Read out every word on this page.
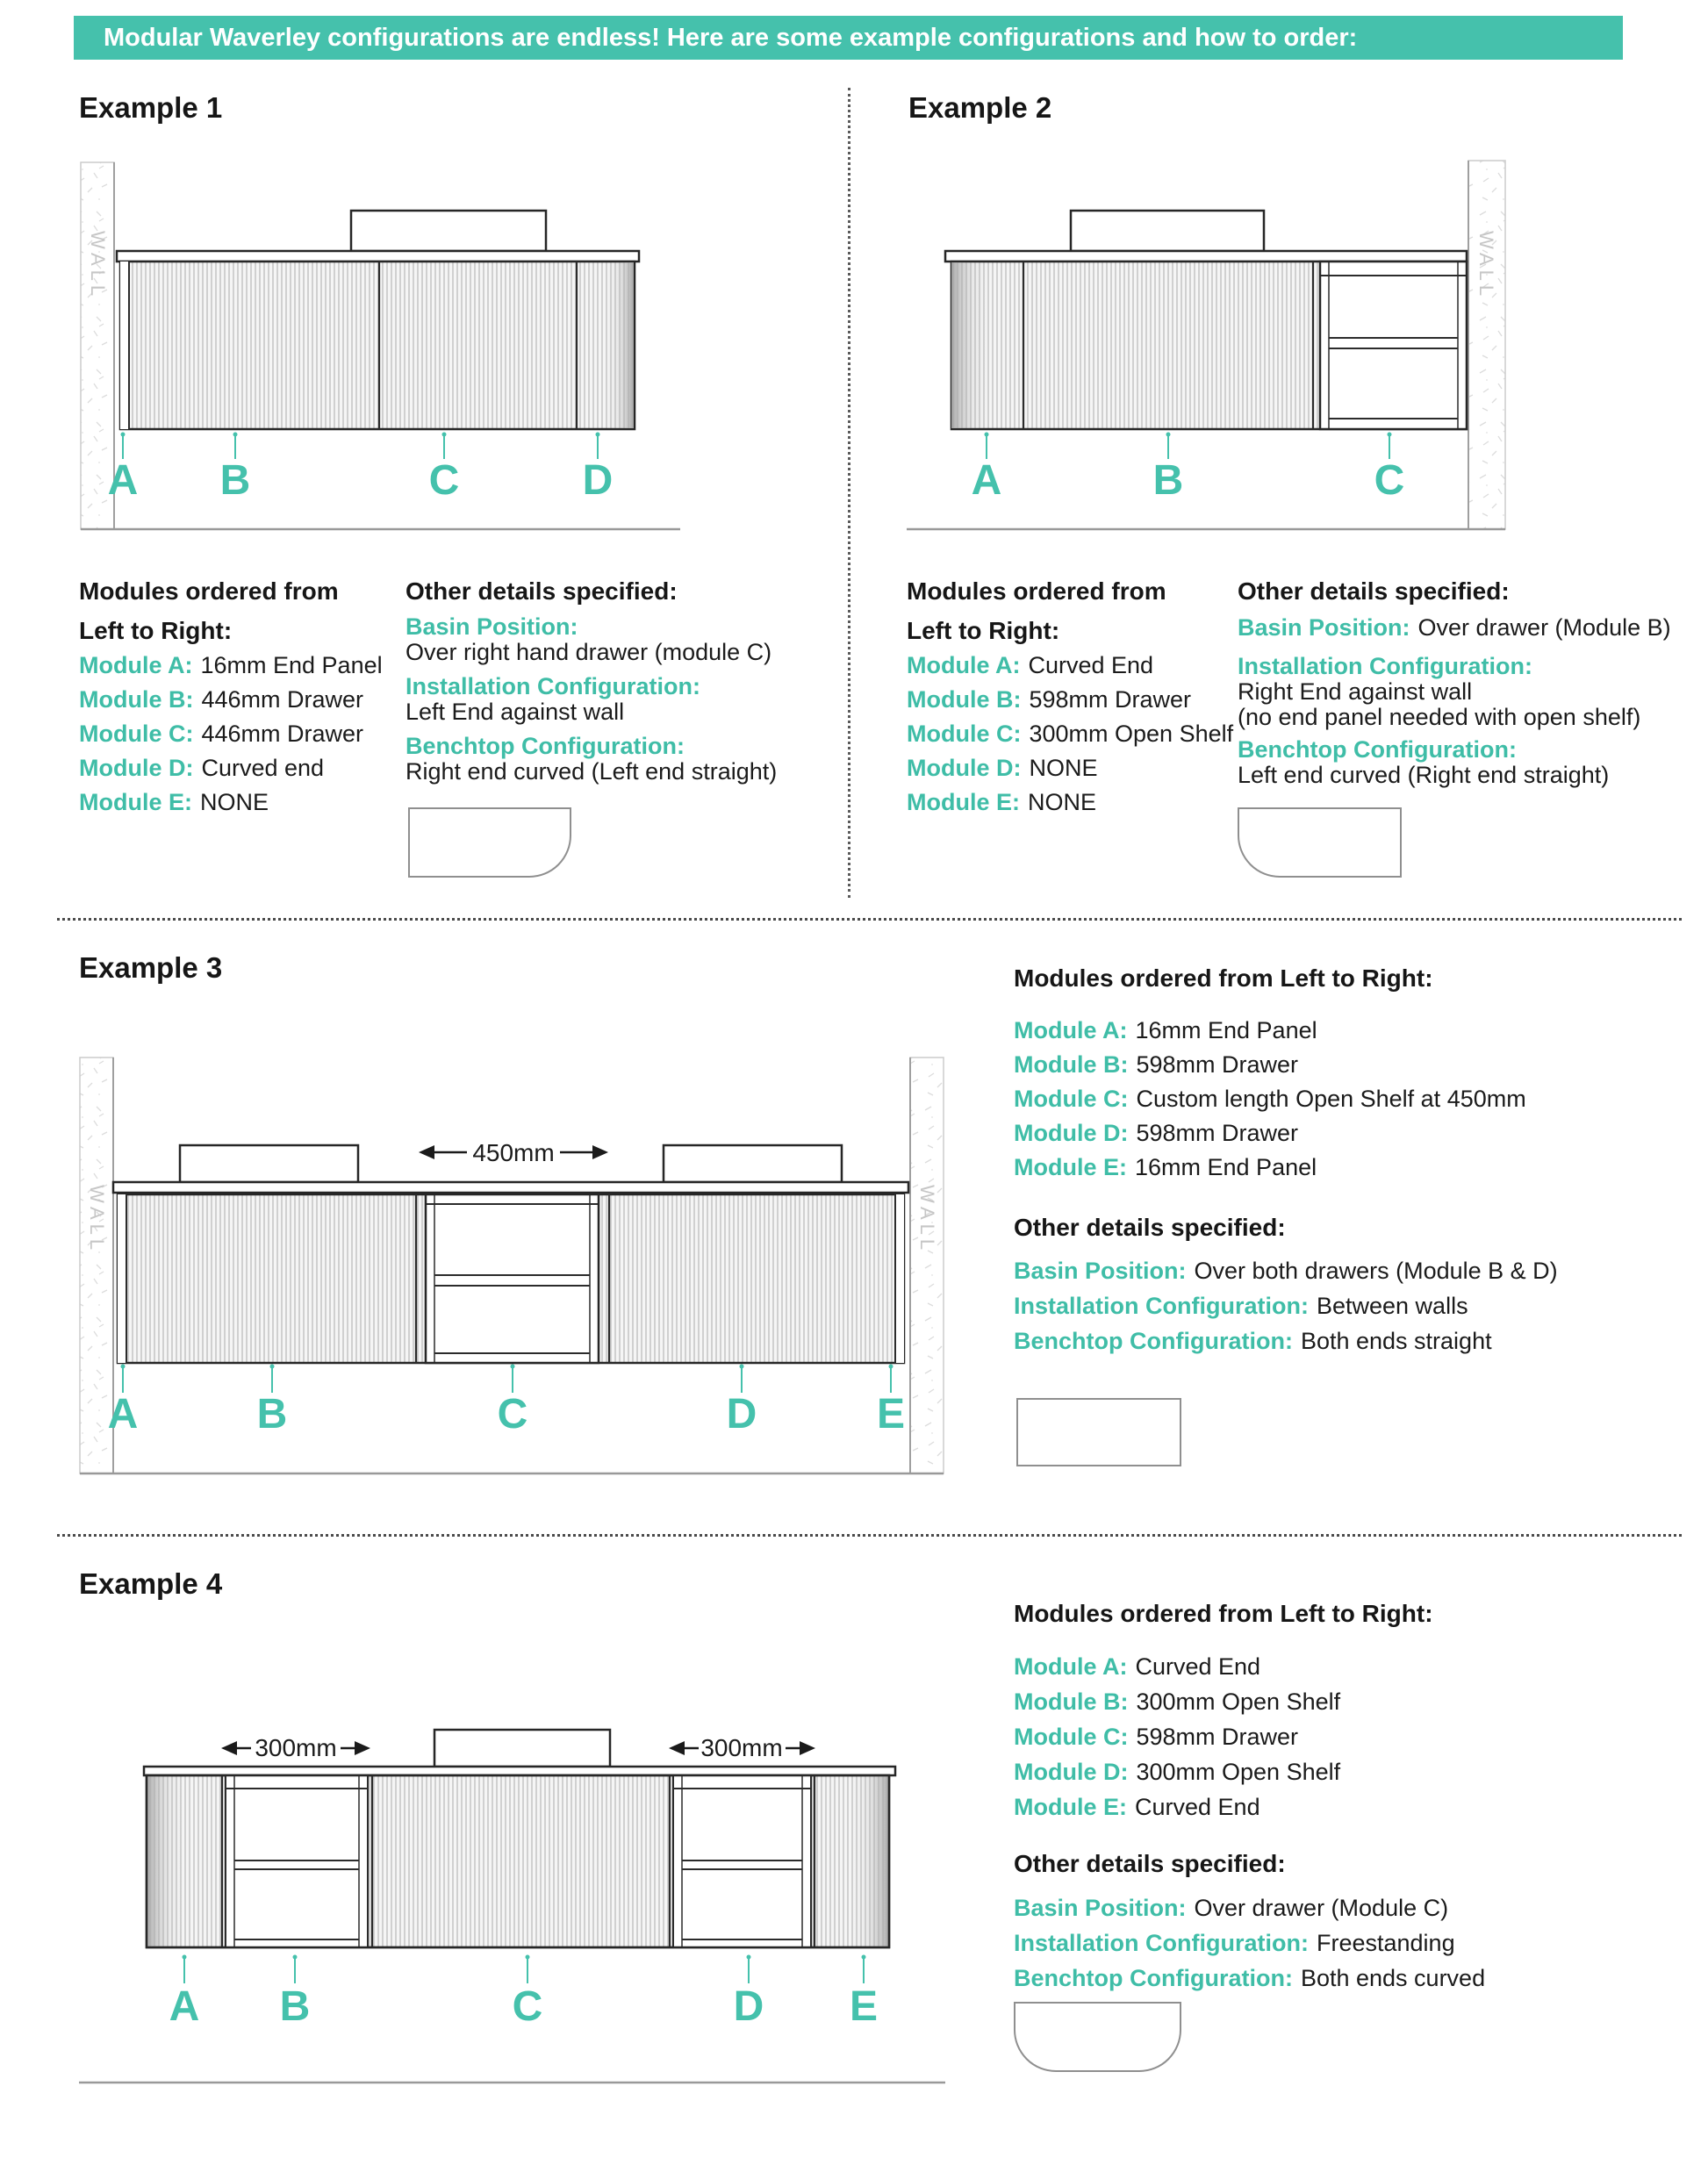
Modular Waverley configurations are endless! Here are some example configurations and how to order:
Example 1
WALL
A B	C	D
Modules ordered from Left to Right:
Module A: 16mm End Panel
Module B: 446mm Drawer
Module C: 446mm Drawer
Module D: Curved end
Module E: NONE
Other details specified:
Basin Position:
Over right hand drawer (module C)
Installation Configuration:
Left End against wall
Benchtop Configuration:
Right end curved (Left end straight)
Example 2
WALL
A	B	C
Modules ordered from Left to Right:
Module A: Curved End
Module B: 598mm Drawer
Module C: 300mm Open Shelf
Module D: NONE
Module E: NONE
Other details specified:
Basin Position: Over drawer (Module B)
Installation Configuration:
Right End against wall
(no end panel needed with open shelf)
Benchtop Configuration:
Left end curved (Right end straight)
Example 3
WALL	WALL
450mm
A	B	C	D	E
Modules ordered from Left to Right:
Module A: 16mm End Panel
Module B: 598mm Drawer
Module C: Custom length Open Shelf at 450mm
Module D: 598mm Drawer
Module E: 16mm End Panel
Other details specified:
Basin Position: Over both drawers (Module B & D)
Installation Configuration: Between walls
Benchtop Configuration: Both ends straight
Example 4
300mm	300mm
A B	C	D E
Modules ordered from Left to Right:
Module A: Curved End
Module B: 300mm Open Shelf
Module C: 598mm Drawer
Module D: 300mm Open Shelf
Module E: Curved End
Other details specified:
Basin Position: Over drawer (Module C)
Installation Configuration: Freestanding
Benchtop Configuration: Both ends curved
